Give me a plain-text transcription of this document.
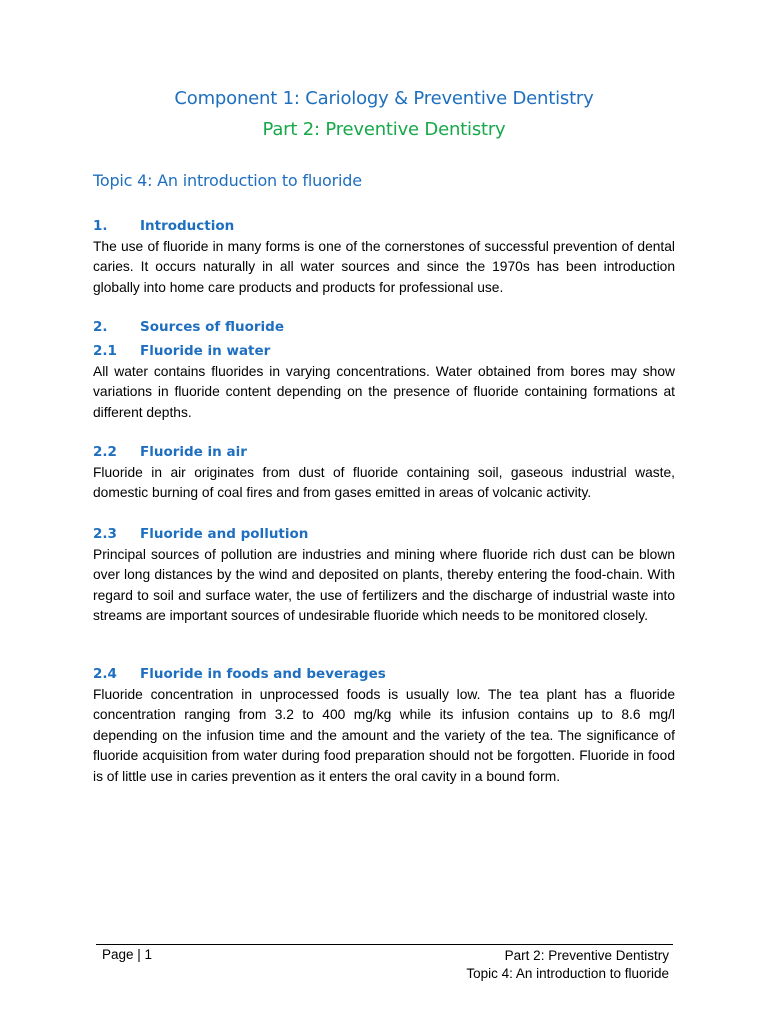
Component 1: Cariology & Preventive Dentistry
Part 2: Preventive Dentistry
Topic 4: An introduction to fluoride
1. Introduction
The use of fluoride in many forms is one of the cornerstones of successful prevention of dental caries. It occurs naturally in all water sources and since the 1970s has been introduction globally into home care products and products for professional use.
2. Sources of fluoride
2.1 Fluoride in water
All water contains fluorides in varying concentrations. Water obtained from bores may show variations in fluoride content depending on the presence of fluoride containing formations at different depths.
2.2 Fluoride in air
Fluoride in air originates from dust of fluoride containing soil, gaseous industrial waste, domestic burning of coal fires and from gases emitted in areas of volcanic activity.
2.3 Fluoride and pollution
Principal sources of pollution are industries and mining where fluoride rich dust can be blown over long distances by the wind and deposited on plants, thereby entering the food-chain. With regard to soil and surface water, the use of fertilizers and the discharge of industrial waste into streams are important sources of undesirable fluoride which needs to be monitored closely.
2.4 Fluoride in foods and beverages
Fluoride concentration in unprocessed foods is usually low. The tea plant has a fluoride concentration ranging from 3.2 to 400 mg/kg while its infusion contains up to 8.6 mg/l depending on the infusion time and the amount and the variety of the tea. The significance of fluoride acquisition from water during food preparation should not be forgotten. Fluoride in food is of little use in caries prevention as it enters the oral cavity in a bound form.
Page | 1	Part 2: Preventive Dentistry
Topic 4: An introduction to fluoride
